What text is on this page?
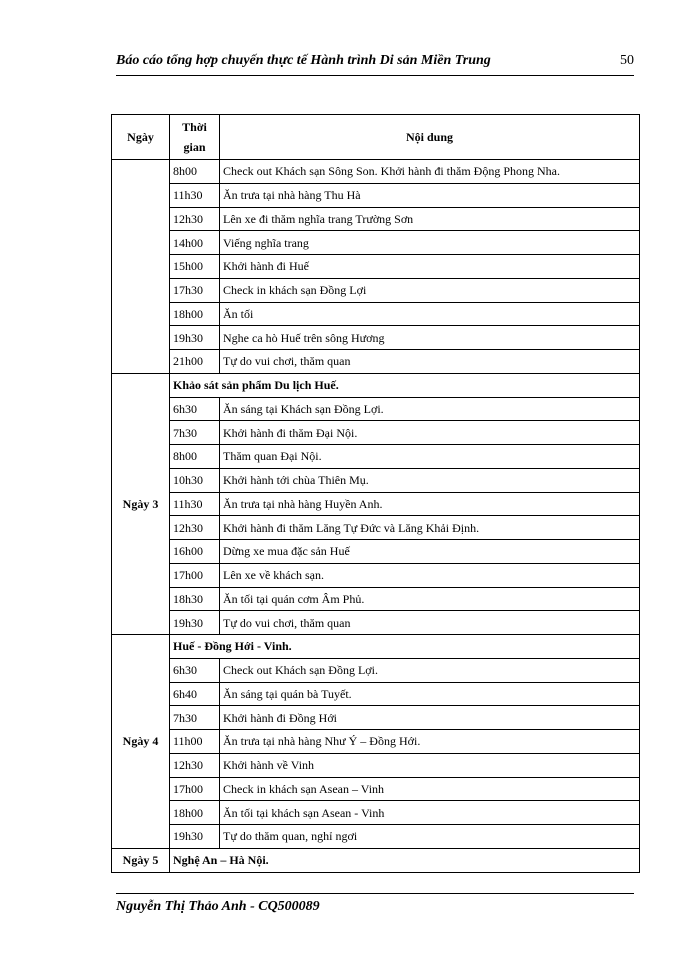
Báo cáo tổng hợp chuyến thực tế Hành trình Di sản Miền Trung	50
Ngày	Thời gian	Nội dung
	8h00	Check out Khách sạn Sông Son. Khởi hành đi thăm Động Phong Nha.
	11h30	Ăn trưa tại nhà hàng Thu Hà
	12h30	Lên xe đi thăm nghĩa trang Trường Sơn
	14h00	Viếng nghĩa trang
	15h00	Khởi hành đi Huế
	17h30	Check in khách sạn Đồng Lợi
	18h00	Ăn tối
	19h30	Nghe ca hò Huế trên sông Hương
	21h00	Tự do vui chơi, thăm quan
Ngày 3	Khảo sát sản phẩm Du lịch Huế.	
	6h30	Ăn sáng tại Khách sạn Đồng Lợi.
	7h30	Khởi hành đi thăm Đại Nội.
	8h00	Thăm quan Đại Nội.
	10h30	Khởi hành tới chùa Thiên Mụ.
	11h30	Ăn trưa tại nhà hàng Huyền Anh.
	12h30	Khởi hành đi thăm Lăng Tự Đức và Lăng Khải Định.
	16h00	Dừng xe mua đặc sản Huế
	17h00	Lên xe về khách sạn.
	18h30	Ăn tối tại quán cơm Âm Phủ.
	19h30	Tự do vui chơi, thăm quan
Ngày 4	Huế - Đồng Hới - Vinh.	
	6h30	Check out Khách sạn Đồng Lợi.
	6h40	Ăn sáng tại quán bà Tuyết.
	7h30	Khởi hành đi Đồng Hới
	11h00	Ăn trưa tại nhà hàng Như Ý – Đồng Hới.
	12h30	Khởi hành về Vinh
	17h00	Check in khách sạn Asean – Vinh
	18h00	Ăn tối tại khách sạn Asean - Vinh
	19h30	Tự do thăm quan, nghỉ ngơi
Ngày 5	Nghệ An – Hà Nội.	
Nguyễn Thị Thảo Anh - CQ500089
